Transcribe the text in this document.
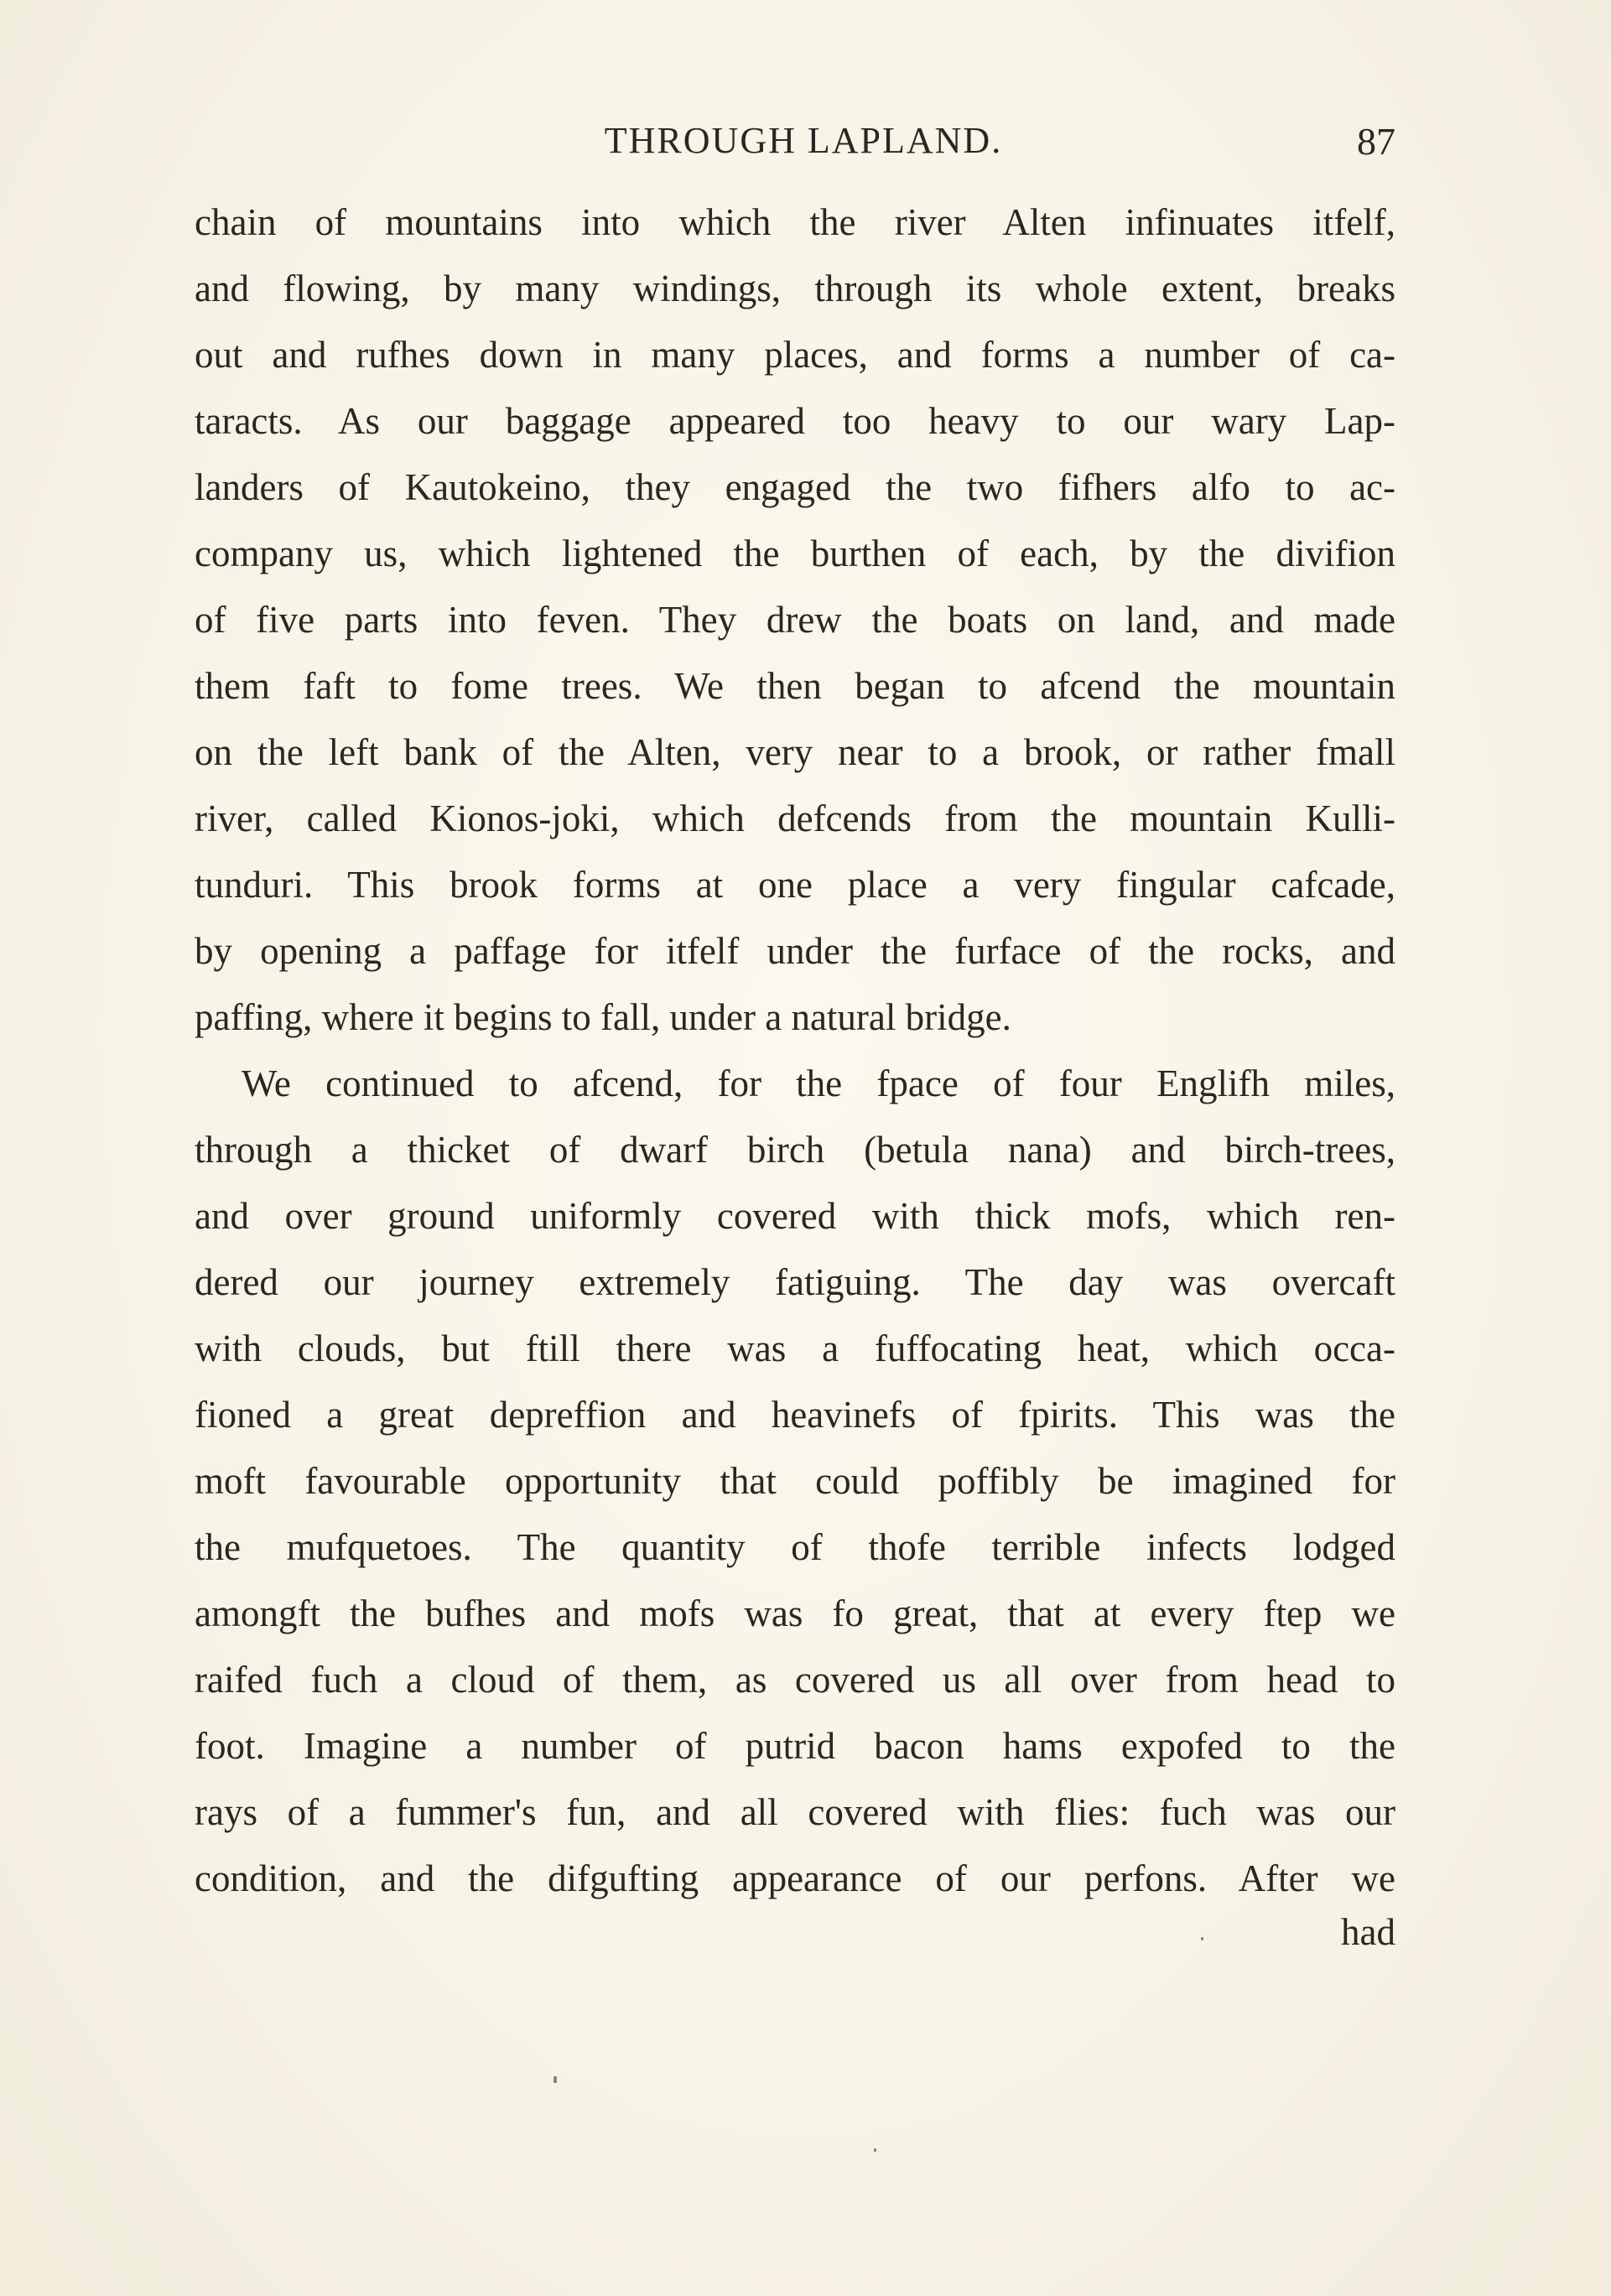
THROUGH LAPLAND.	87
chain of mountains into which the river Alten infinuates itfelf,
and flowing, by many windings, through its whole extent, breaks
out and rufhes down in many places, and forms a number of ca-
taracts. As our baggage appeared too heavy to our wary Lap-
landers of Kautokeino, they engaged the two fifhers alfo to ac-
company us, which lightened the burthen of each, by the divifion
of five parts into feven. They drew the boats on land, and made
them faft to fome trees. We then began to afcend the mountain
on the left bank of the Alten, very near to a brook, or rather fmall
river, called Kionos-joki, which defcends from the mountain Kulli-
tunduri. This brook forms at one place a very fingular cafcade,
by opening a paffage for itfelf under the furface of the rocks, and
paffing, where it begins to fall, under a natural bridge.
We continued to afcend, for the fpace of four Englifh miles,
through a thicket of dwarf birch (betula nana) and birch-trees,
and over ground uniformly covered with thick mofs, which ren-
dered our journey extremely fatiguing. The day was overcaft
with clouds, but ftill there was a fuffocating heat, which occa-
fioned a great depreffion and heavinefs of fpirits. This was the
moft favourable opportunity that could poffibly be imagined for
the mufquetoes. The quantity of thofe terrible infects lodged
amongft the bufhes and mofs was fo great, that at every ftep we
raifed fuch a cloud of them, as covered us all over from head to
foot. Imagine a number of putrid bacon hams expofed to the
rays of a fummer's fun, and all covered with flies: fuch was our
condition, and the difgufting appearance of our perfons. After we
had
